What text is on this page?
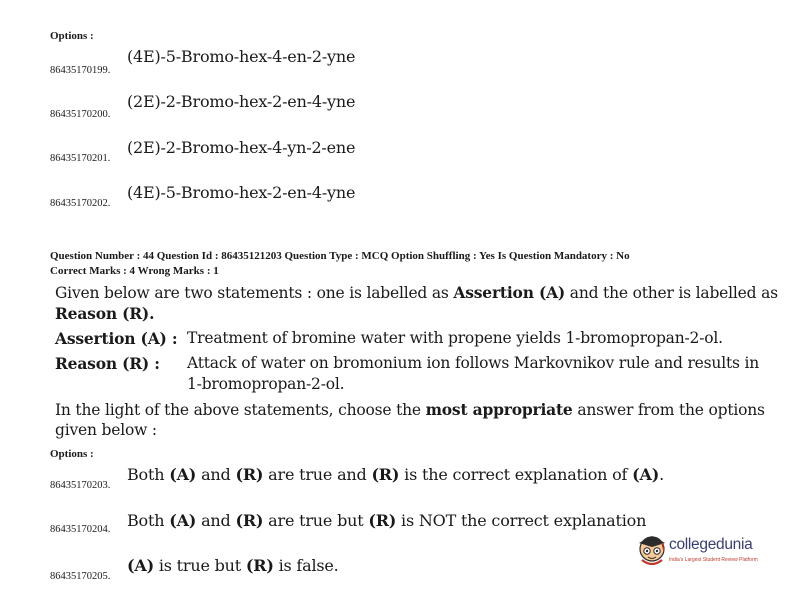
Options :
(4E)-5-Bromo-hex-4-en-2-yne
86435170199.
(2E)-2-Bromo-hex-2-en-4-yne
86435170200.
(2E)-2-Bromo-hex-4-yn-2-ene
86435170201.
(4E)-5-Bromo-hex-2-en-4-yne
86435170202.
Question Number : 44 Question Id : 86435121203 Question Type : MCQ Option Shuffling : Yes Is Question Mandatory : No
Correct Marks : 4 Wrong Marks : 1
Given below are two statements : one is labelled as Assertion (A) and the other is labelled as
Reason (R).
Assertion (A) : Treatment of bromine water with propene yields 1-bromopropan-2-ol.
Reason (R) : Attack of water on bromonium ion follows Markovnikov rule and results in
1-bromopropan-2-ol.
In the light of the above statements, choose the most appropriate answer from the options
given below :
Options :
Both (A) and (R) are true and (R) is the correct explanation of (A).
86435170203.
Both (A) and (R) are true but (R) is NOT the correct explanation
86435170204.
(A) is true but (R) is false.
86435170205.
collegedunia
India's Largest Student Review Platform
